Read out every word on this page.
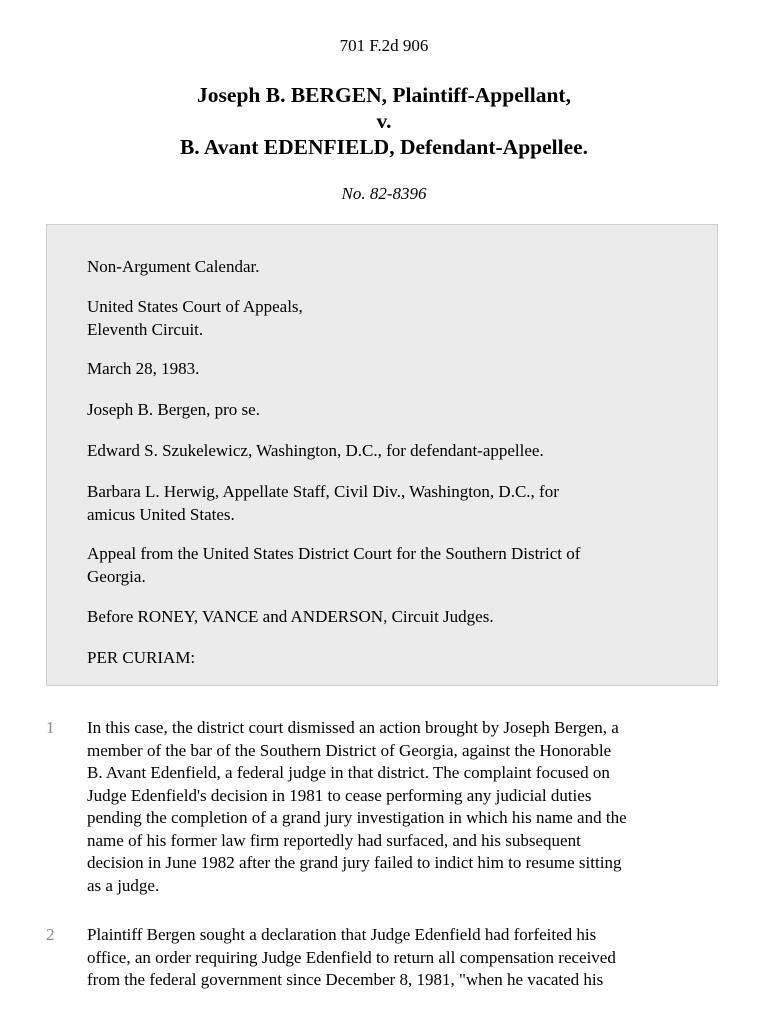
701 F.2d 906
Joseph B. BERGEN, Plaintiff-Appellant,
v.
B. Avant EDENFIELD, Defendant-Appellee.
No. 82-8396

Non-Argument Calendar.

United States Court of Appeals,
Eleventh Circuit.

March 28, 1983.

Joseph B. Bergen, pro se.

Edward S. Szukelewicz, Washington, D.C., for defendant-appellee.

Barbara L. Herwig, Appellate Staff, Civil Div., Washington, D.C., for
amicus United States.

Appeal from the United States District Court for the Southern District of
Georgia.

Before RONEY, VANCE and ANDERSON, Circuit Judges.

PER CURIAM:

1 In this case, the district court dismissed an action brought by Joseph Bergen, a
member of the bar of the Southern District of Georgia, against the Honorable
B. Avant Edenfield, a federal judge in that district. The complaint focused on
Judge Edenfield's decision in 1981 to cease performing any judicial duties
pending the completion of a grand jury investigation in which his name and the
name of his former law firm reportedly had surfaced, and his subsequent
decision in June 1982 after the grand jury failed to indict him to resume sitting
as a judge.

2 Plaintiff Bergen sought a declaration that Judge Edenfield had forfeited his
office, an order requiring Judge Edenfield to return all compensation received
from the federal government since December 8, 1981, "when he vacated his
